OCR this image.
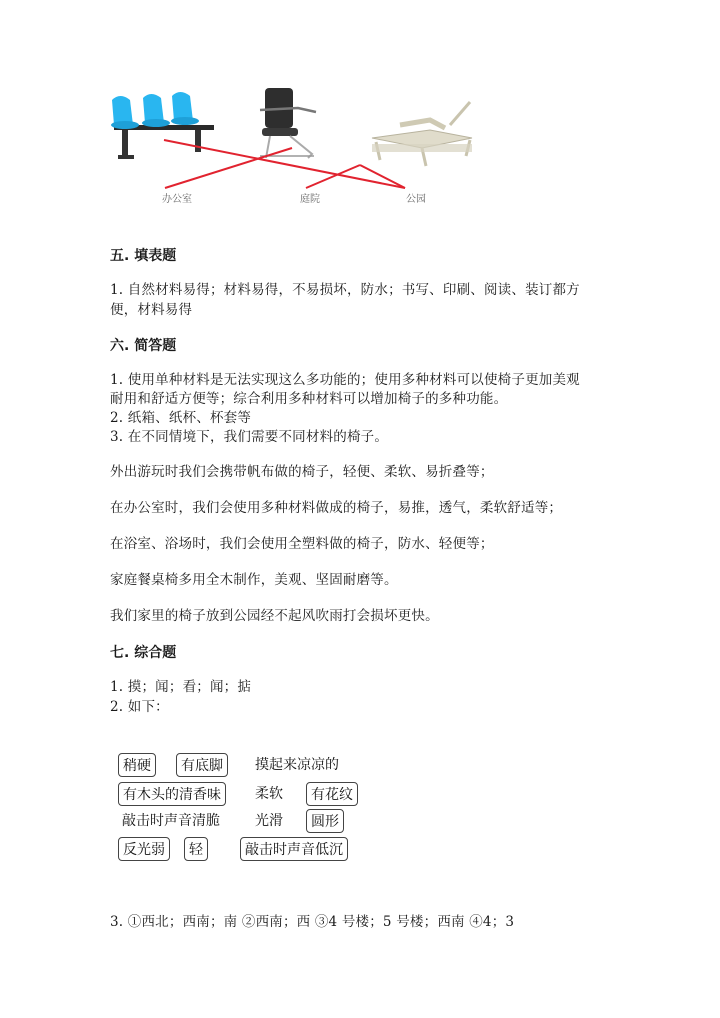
办公室	庭院	公园
五. 填表题
1. 自然材料易得；材料易得，不易损坏，防水；书写、印刷、阅读、装订都方
便，材料易得
六. 简答题
1. 使用单种材料是无法实现这么多功能的；使用多种材料可以使椅子更加美观
耐用和舒适方便等；综合利用多种材料可以增加椅子的多种功能。
2. 纸箱、纸杯、杯套等
3. 在不同情境下，我们需要不同材料的椅子。
外出游玩时我们会携带帆布做的椅子，轻便、柔软、易折叠等；
在办公室时，我们会使用多种材料做成的椅子，易推，透气，柔软舒适等；
在浴室、浴场时，我们会使用全塑料做的椅子，防水、轻便等；
家庭餐桌椅多用全木制作，美观、坚固耐磨等。
我们家里的椅子放到公园经不起风吹雨打会损坏更快。
七. 综合题
1. 摸；闻；看；闻；掂
2. 如下：
稍硬	有底脚	摸起来凉凉的
有木头的清香味	柔软	有花纹
敲击时声音清脆	光滑	圆形
反光弱	轻	敲击时声音低沉
3. ①西北；西南；南 ②西南；西 ③4 号楼；5 号楼；西南 ④4；3
